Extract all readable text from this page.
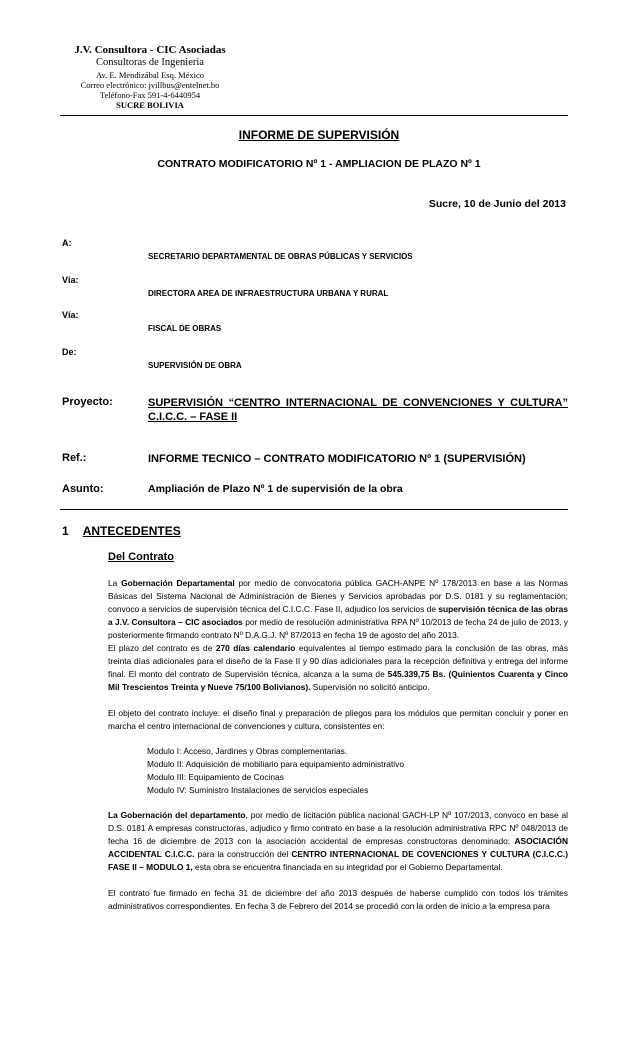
J.V. Consultora - CIC Asociadas
Consultoras de Ingeniería
Av. E. Mendizábal Esq. México
Correo electrónico: jvillbus@entelnet.bo
Teléfono-Fax 591-4-6440954
SUCRE BOLIVIA
INFORME DE SUPERVISIÓN
CONTRATO MODIFICATORIO Nº 1 - AMPLIACION DE PLAZO Nº 1
Sucre, 10 de Junio del 2013
A:
SECRETARIO DEPARTAMENTAL DE OBRAS PÚBLICAS Y SERVICIOS
Vía:
DIRECTORA AREA DE INFRAESTRUCTURA URBANA Y RURAL
Vía:
FISCAL DE OBRAS
De:
SUPERVISIÓN DE OBRA
Proyecto:	SUPERVISIÓN “CENTRO INTERNACIONAL DE CONVENCIONES Y CULTURA” C.I.C.C. – FASE II
Ref.:	INFORME TECNICO – CONTRATO MODIFICATORIO Nº 1 (SUPERVISIÓN)
Asunto:	Ampliación de Plazo Nº 1 de supervisión de la obra
1 ANTECEDENTES
Del Contrato
La Gobernación Departamental por medio de convocatoria pública GACH-ANPE Nº 178/2013 en base a las Normas Básicas del Sistema Nacional de Administración de Bienes y Servicios aprobadas por D.S. 0181 y su reglamentación; convoco a servicios de supervisión técnica del C.I.C.C. Fase II, adjudico los servicios de supervisión técnica de las obras a J.V. Consultora – CIC asociados por medio de resolución administrativa RPA Nº 10/2013 de fecha 24 de julio de 2013, y posteriormente firmando contrato Nº D.A.G.J. Nº 87/2013 en fecha 19 de agosto del año 2013.
El plazo del contrato es de 270 días calendario equivalentes al tiempo estimado para la conclusión de las obras, más treinta días adicionales para el diseño de la Fase II y 90 días adicionales para la recepción definitiva y entrega del informe final. El monto del contrato de Supervisión técnica, alcanza a la suma de 545.339,75 Bs. (Quinientos Cuarenta y Cinco Mil Trescientos Treinta y Nueve 75/100 Bolivianos). Supervisión no solicitó anticipo.
El objeto del contrato incluye: el diseño final y preparación de pliegos para los módulos que permitan concluir y poner en marcha el centro internacional de convenciones y cultura, consistentes en:
Modulo I: Acceso, Jardines y Obras complementarias.
Modulo II: Adquisición de mobiliario para equipamiento administrativo
Modulo III: Equipamiento de Cocinas
Modulo IV: Suministro Instalaciones de servicios especiales
La Gobernación del departamento, por medio de licitación pública nacional GACH-LP Nº 107/2013, convoco en base al D.S. 0181 A empresas constructoras, adjudico y firmo contrato en base a la resolución administrativa RPC Nº 048/2013 de fecha 16 de diciembre de 2013 con la asociación accidental de empresas constructoras denominado: ASOCIACIÓN ACCIDENTAL C.I.C.C. para la construcción del CENTRO INTERNACIONAL DE COVENCIONES Y CULTURA (C.I.C.C.) FASE II – MODULO 1, esta obra se encuentra financiada en su integridad por el Gobierno Departamental.
El contrato fue firmado en fecha 31 de diciembre del año 2013 después de haberse cumplido con todos los trámites administrativos correspondientes. En fecha 3 de Febrero del 2014 se procedió con la orden de inicio a la empresa para
